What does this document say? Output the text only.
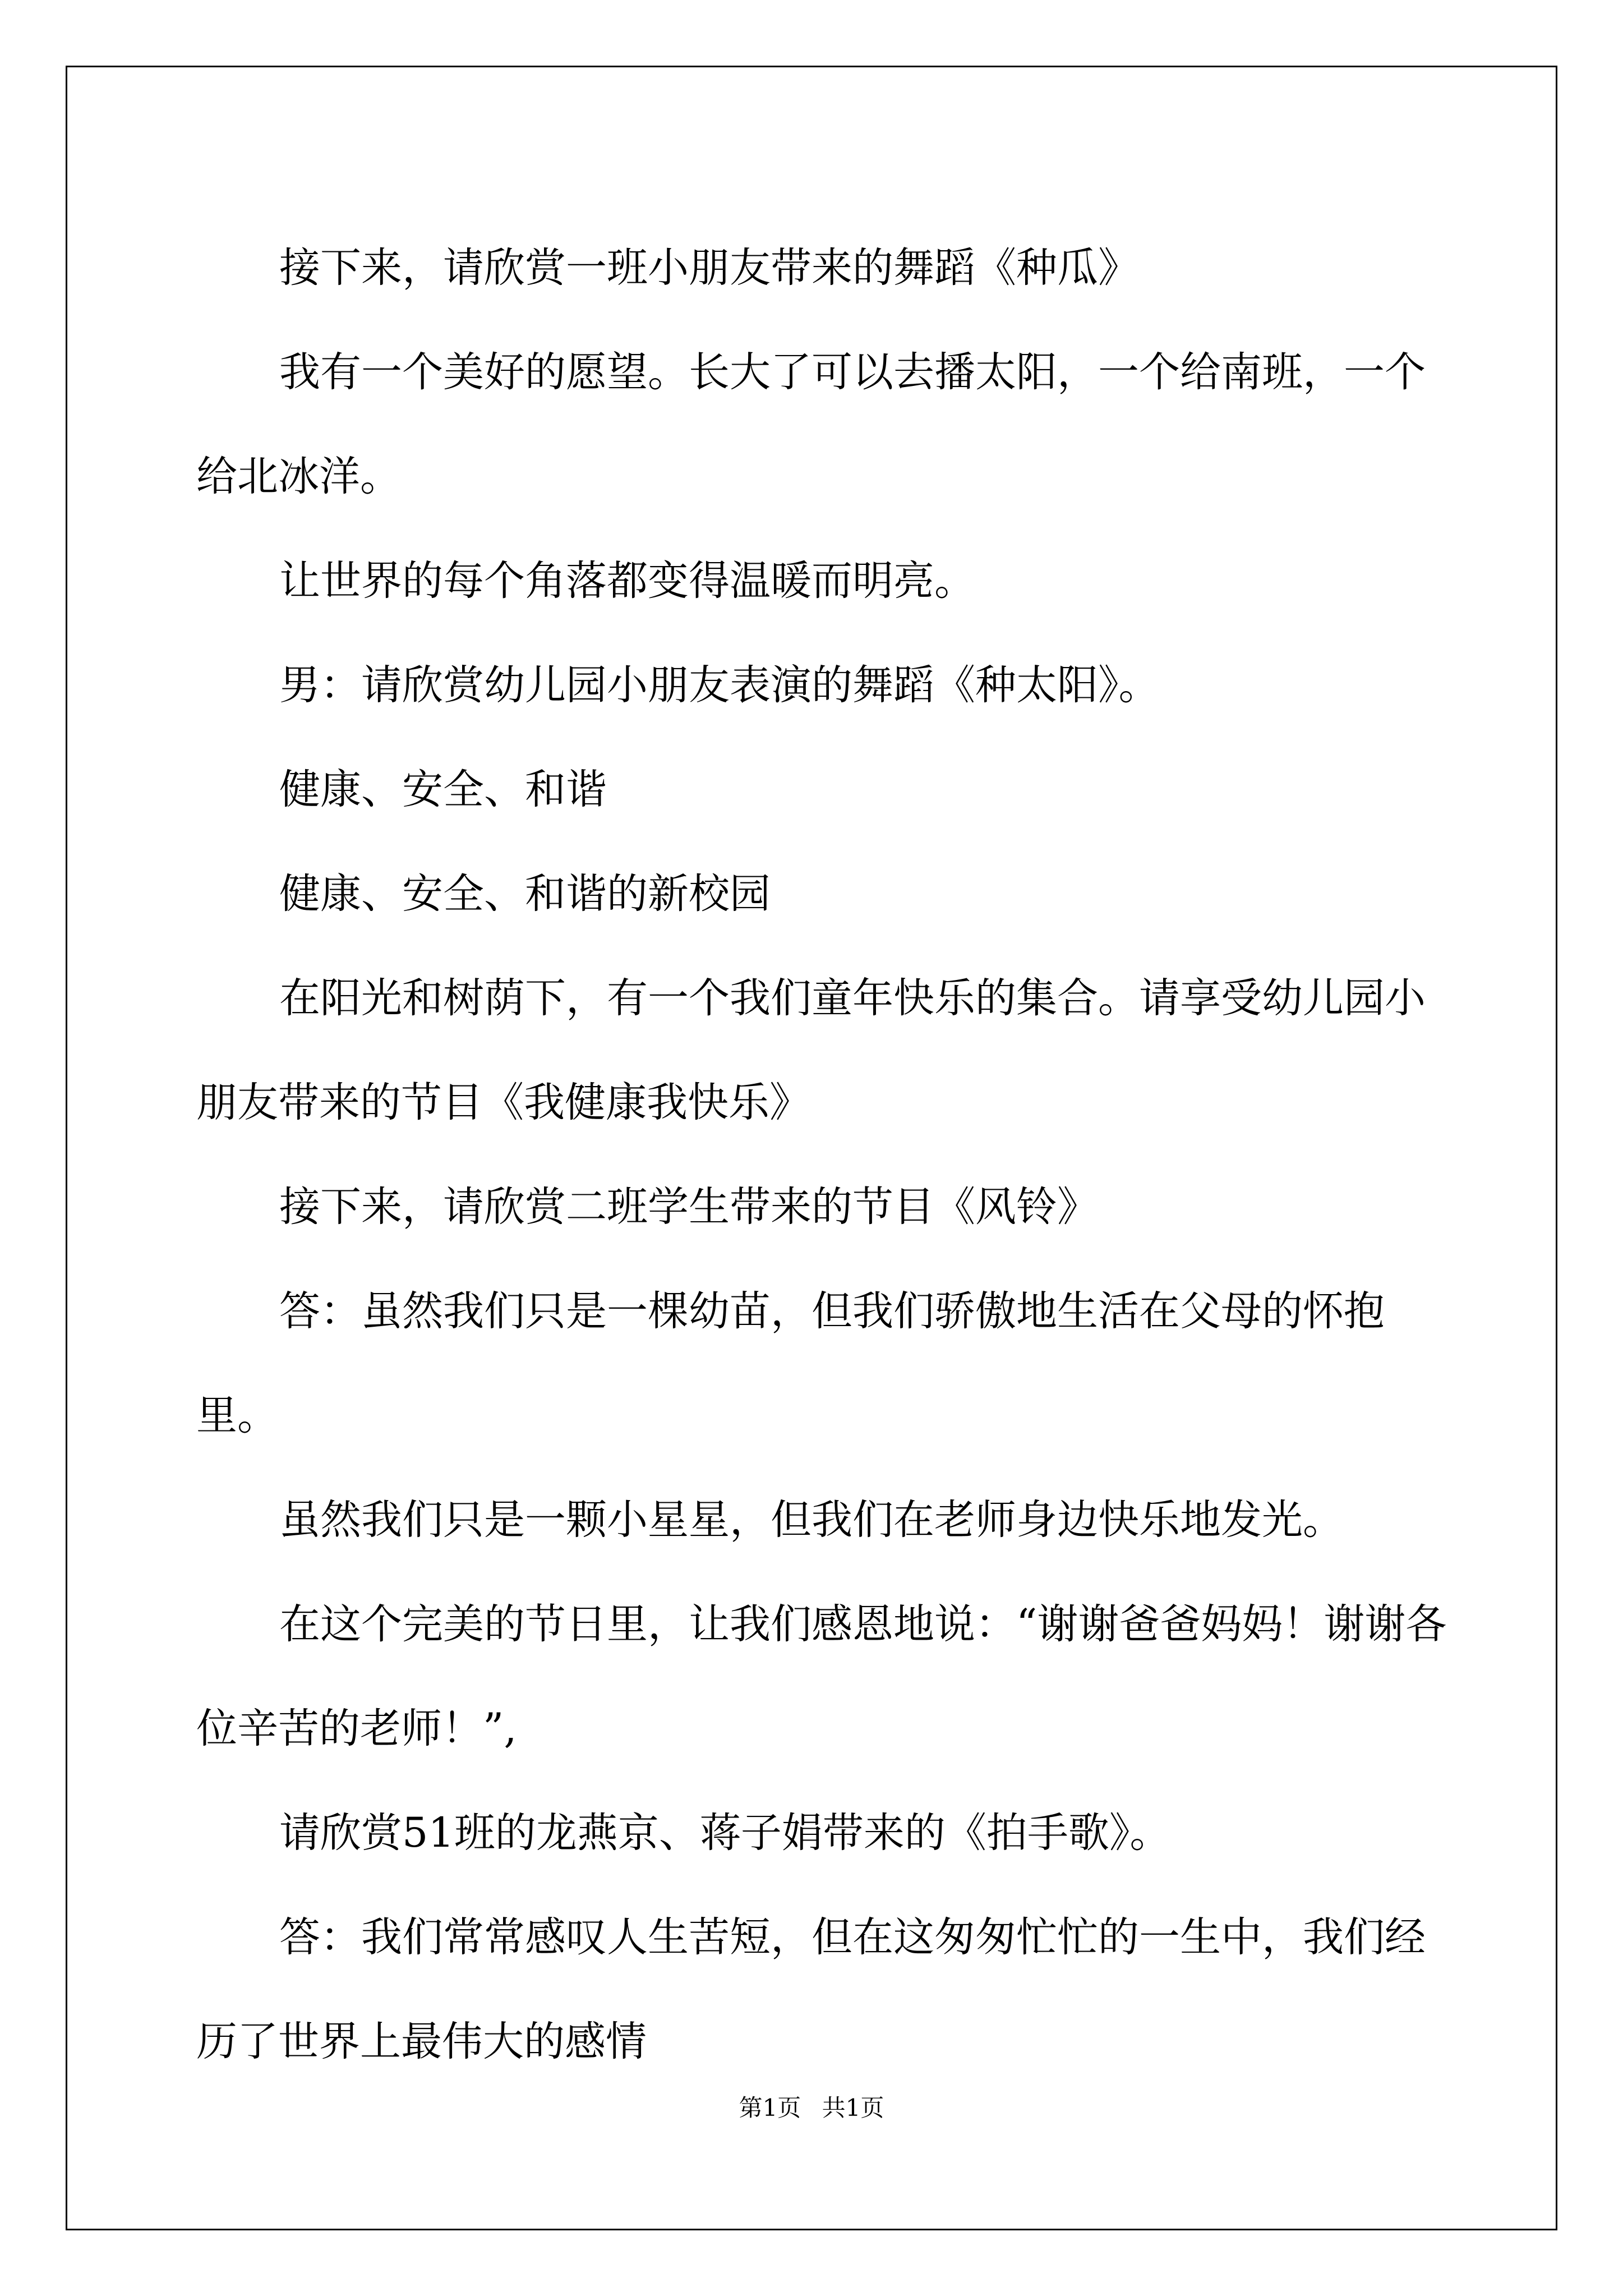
接下来，请欣赏一班小朋友带来的舞蹈《种瓜》

我有一个美好的愿望。长大了可以去播太阳，一个给南班，一个给北冰洋。

让世界的每个角落都变得温暖而明亮。

男：请欣赏幼儿园小朋友表演的舞蹈《种太阳》。

健康、安全、和谐

健康、安全、和谐的新校园

在阳光和树荫下，有一个我们童年快乐的集合。请享受幼儿园小朋友带来的节目《我健康我快乐》

接下来，请欣赏二班学生带来的节目《风铃》

答：虽然我们只是一棵幼苗，但我们骄傲地生活在父母的怀抱里。

虽然我们只是一颗小星星，但我们在老师身边快乐地发光。

在这个完美的节日里，让我们感恩地说：“谢谢爸爸妈妈！谢谢各位辛苦的老师！”,

请欣赏51班的龙燕京、蒋子娟带来的《拍手歌》。

答：我们常常感叹人生苦短，但在这匆匆忙忙的一生中，我们经历了世界上最伟大的感情

第1页 共1页
